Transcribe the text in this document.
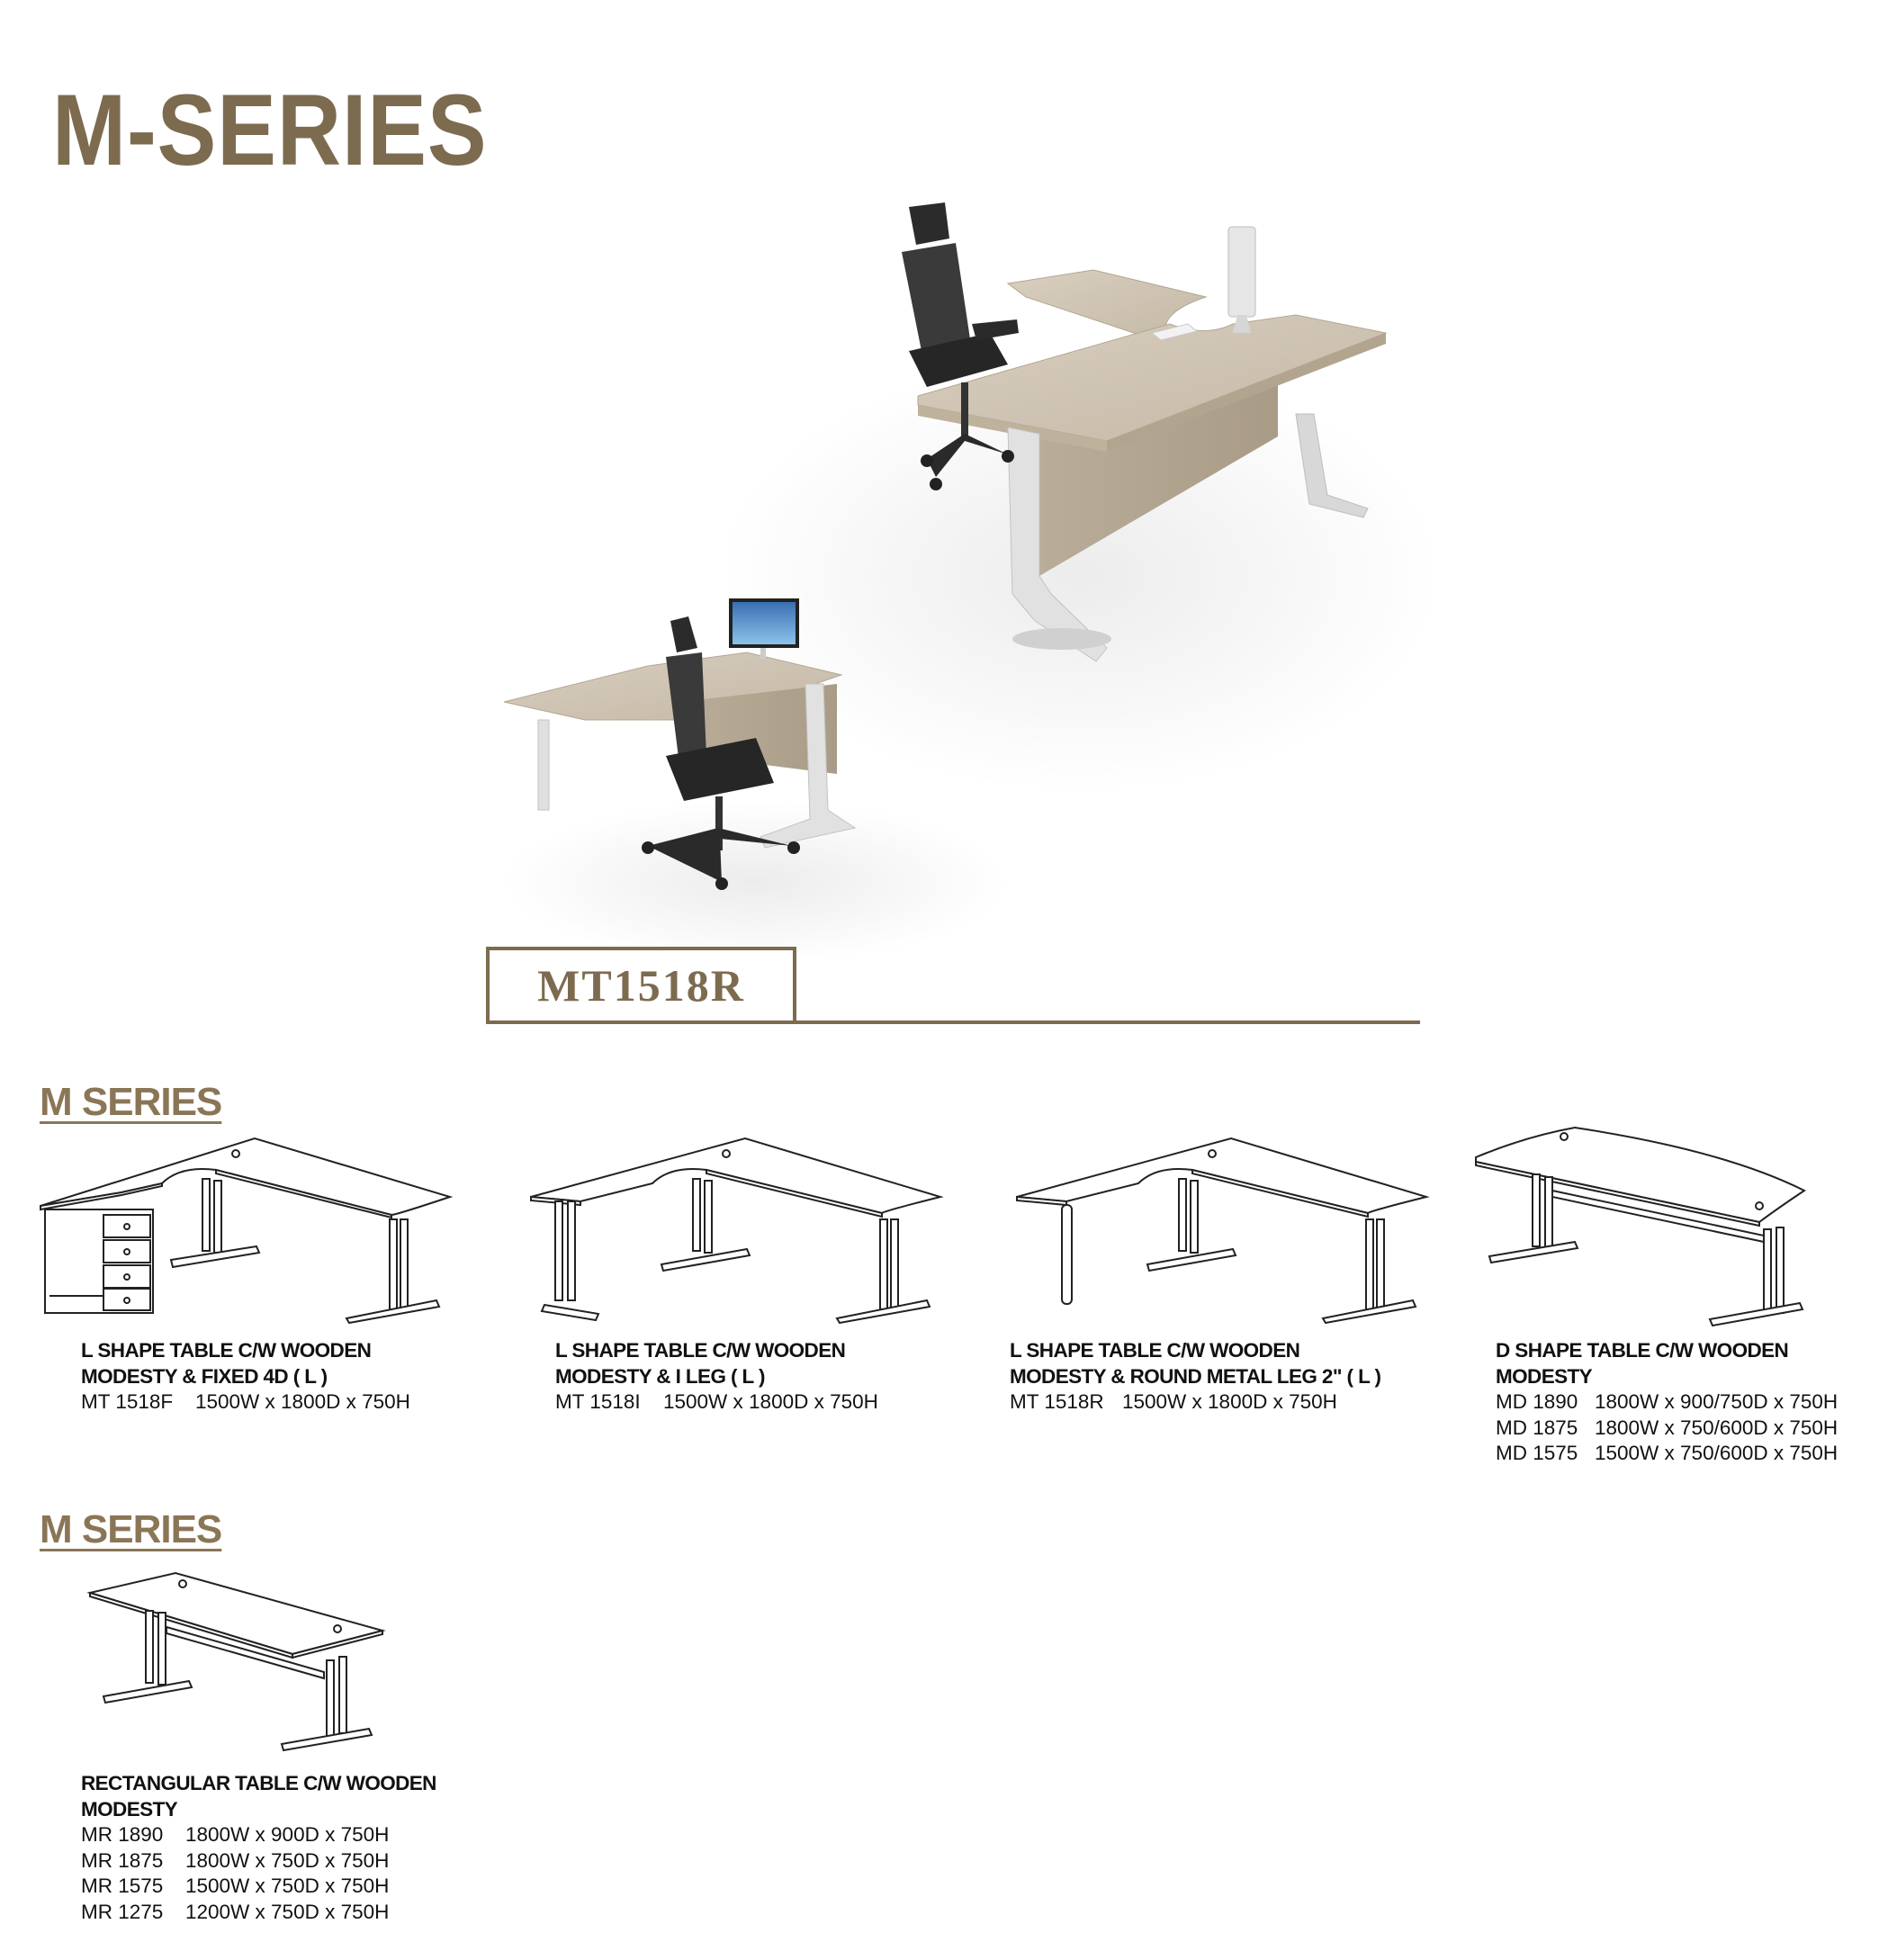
M-SERIES
MT1518R
M SERIES
L SHAPE TABLE C/W WOODEN
MODESTY & FIXED 4D ( L )
MT 1518F	1500W x 1800D x 750H
L SHAPE TABLE C/W WOODEN
MODESTY & I LEG ( L )
MT 1518I	1500W x 1800D x 750H
L SHAPE TABLE C/W WOODEN
MODESTY & ROUND METAL LEG 2" ( L )
MT 1518R 1500W x 1800D x 750H
D SHAPE TABLE C/W WOODEN
MODESTY
MD 1890 1800W x 900/750D x 750H
MD 1875 1800W x 750/600D x 750H
MD 1575 1500W x 750/600D x 750H
M SERIES
RECTANGULAR TABLE C/W WOODEN
MODESTY
MR 1890	1800W x 900D x 750H
MR 1875	1800W x 750D x 750H
MR 1575	1500W x 750D x 750H
MR 1275	1200W x 750D x 750H
